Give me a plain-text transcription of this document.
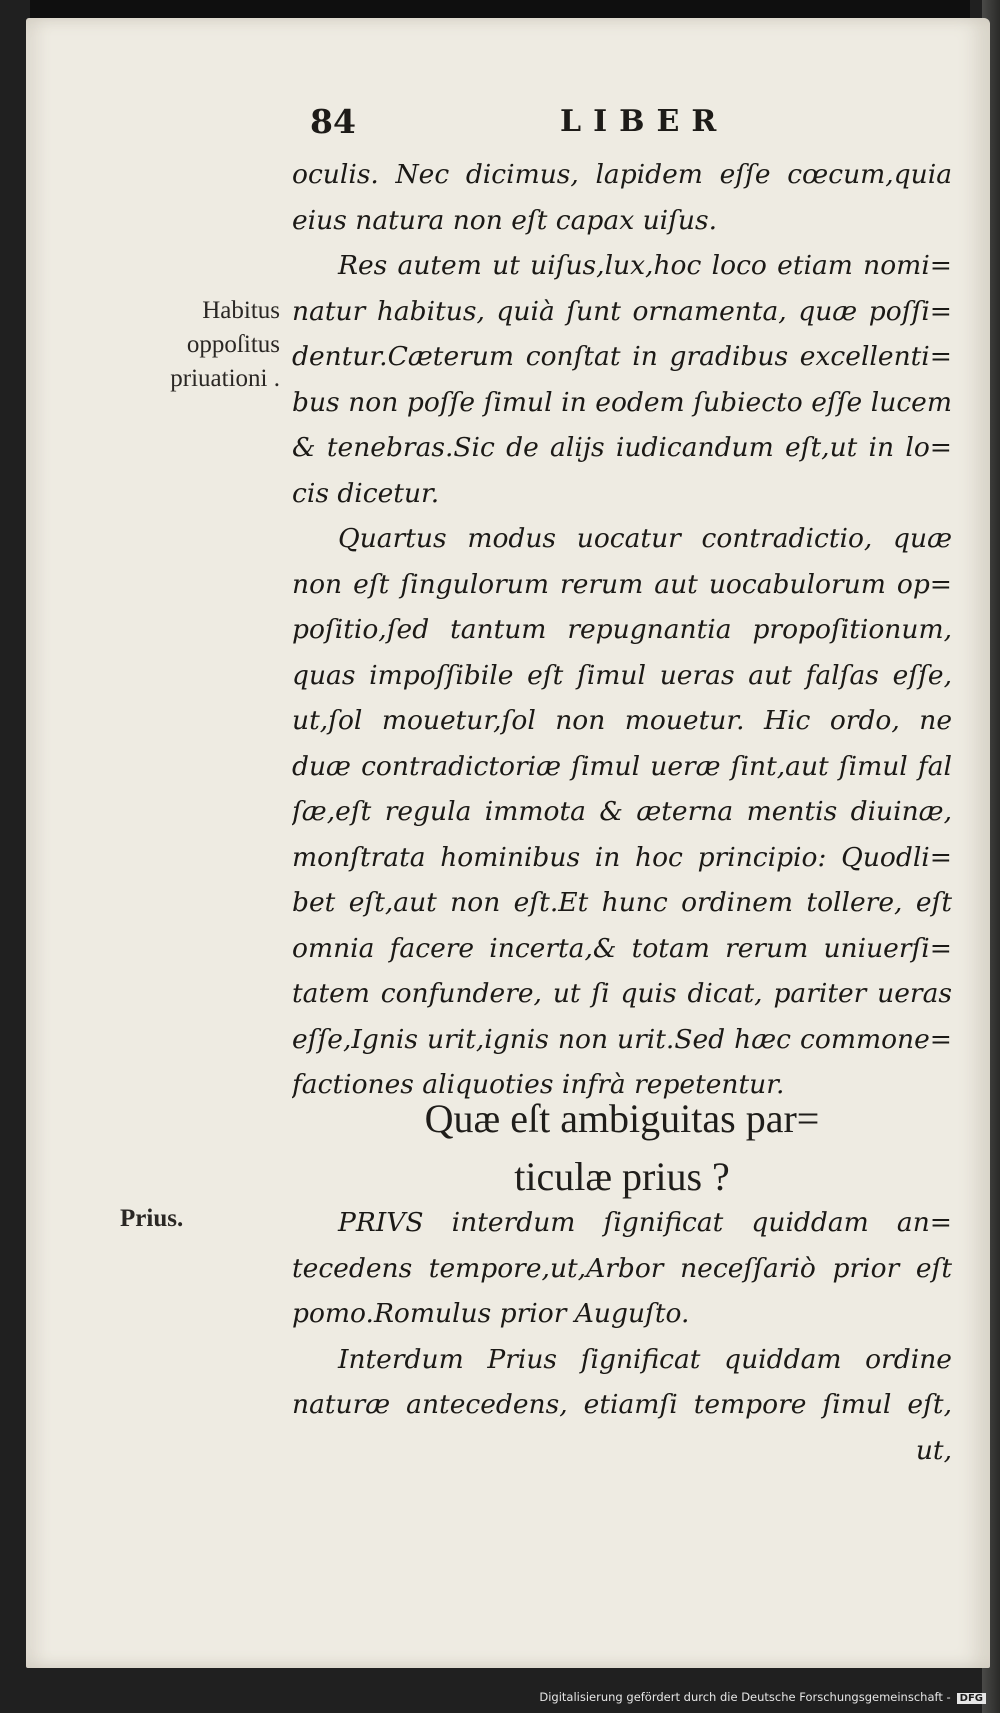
84	LIBER
Habitus
oppoſitus
priuationi .
Prius.
oculis. Nec dicimus, lapidem eſſe cœcum,quia
eius natura non eſt capax uiſus.
Res autem ut uiſus,lux,hoc loco etiam nomi=
natur habitus, quià ſunt ornamenta, quæ poſſi=
dentur.Cæterum conſtat in gradibus excellenti=
bus non poſſe ſimul in eodem ſubiecto eſſe lucem
& tenebras.Sic de alijs iudicandum eſt,ut in lo=
cis dicetur.
Quartus modus uocatur contradictio, quæ
non eſt ſingulorum rerum aut uocabulorum op=
poſitio,ſed tantum repugnantia propoſitionum,
quas impoſſibile eſt ſimul ueras aut falſas eſſe,
ut,ſol mouetur,ſol non mouetur. Hic ordo, ne
duæ contradictoriæ ſimul ueræ ſint,aut ſimul fal
ſæ,eſt regula immota & æterna mentis diuinæ,
monſtrata hominibus in hoc principio: Quodli=
bet eſt,aut non eſt.Et hunc ordinem tollere, eſt
omnia facere incerta,& totam rerum uniuerſi=
tatem confundere, ut ſi quis dicat, pariter ueras
eſſe,Ignis urit,ignis non urit.Sed hæc commone=
factiones aliquoties infrà repetentur.
Quæ eſt ambiguitas par=
ticulæ prius ?
PRIVS interdum ſignificat quiddam an=
tecedens tempore,ut,Arbor neceſſariò prior eſt
pomo.Romulus prior Auguſto.
Interdum Prius ſignificat quiddam ordine
naturæ antecedens, etiamſi tempore ſimul eſt,
ut,
Digitalisierung gefördert durch die Deutsche Forschungsgemeinschaft - DFG
